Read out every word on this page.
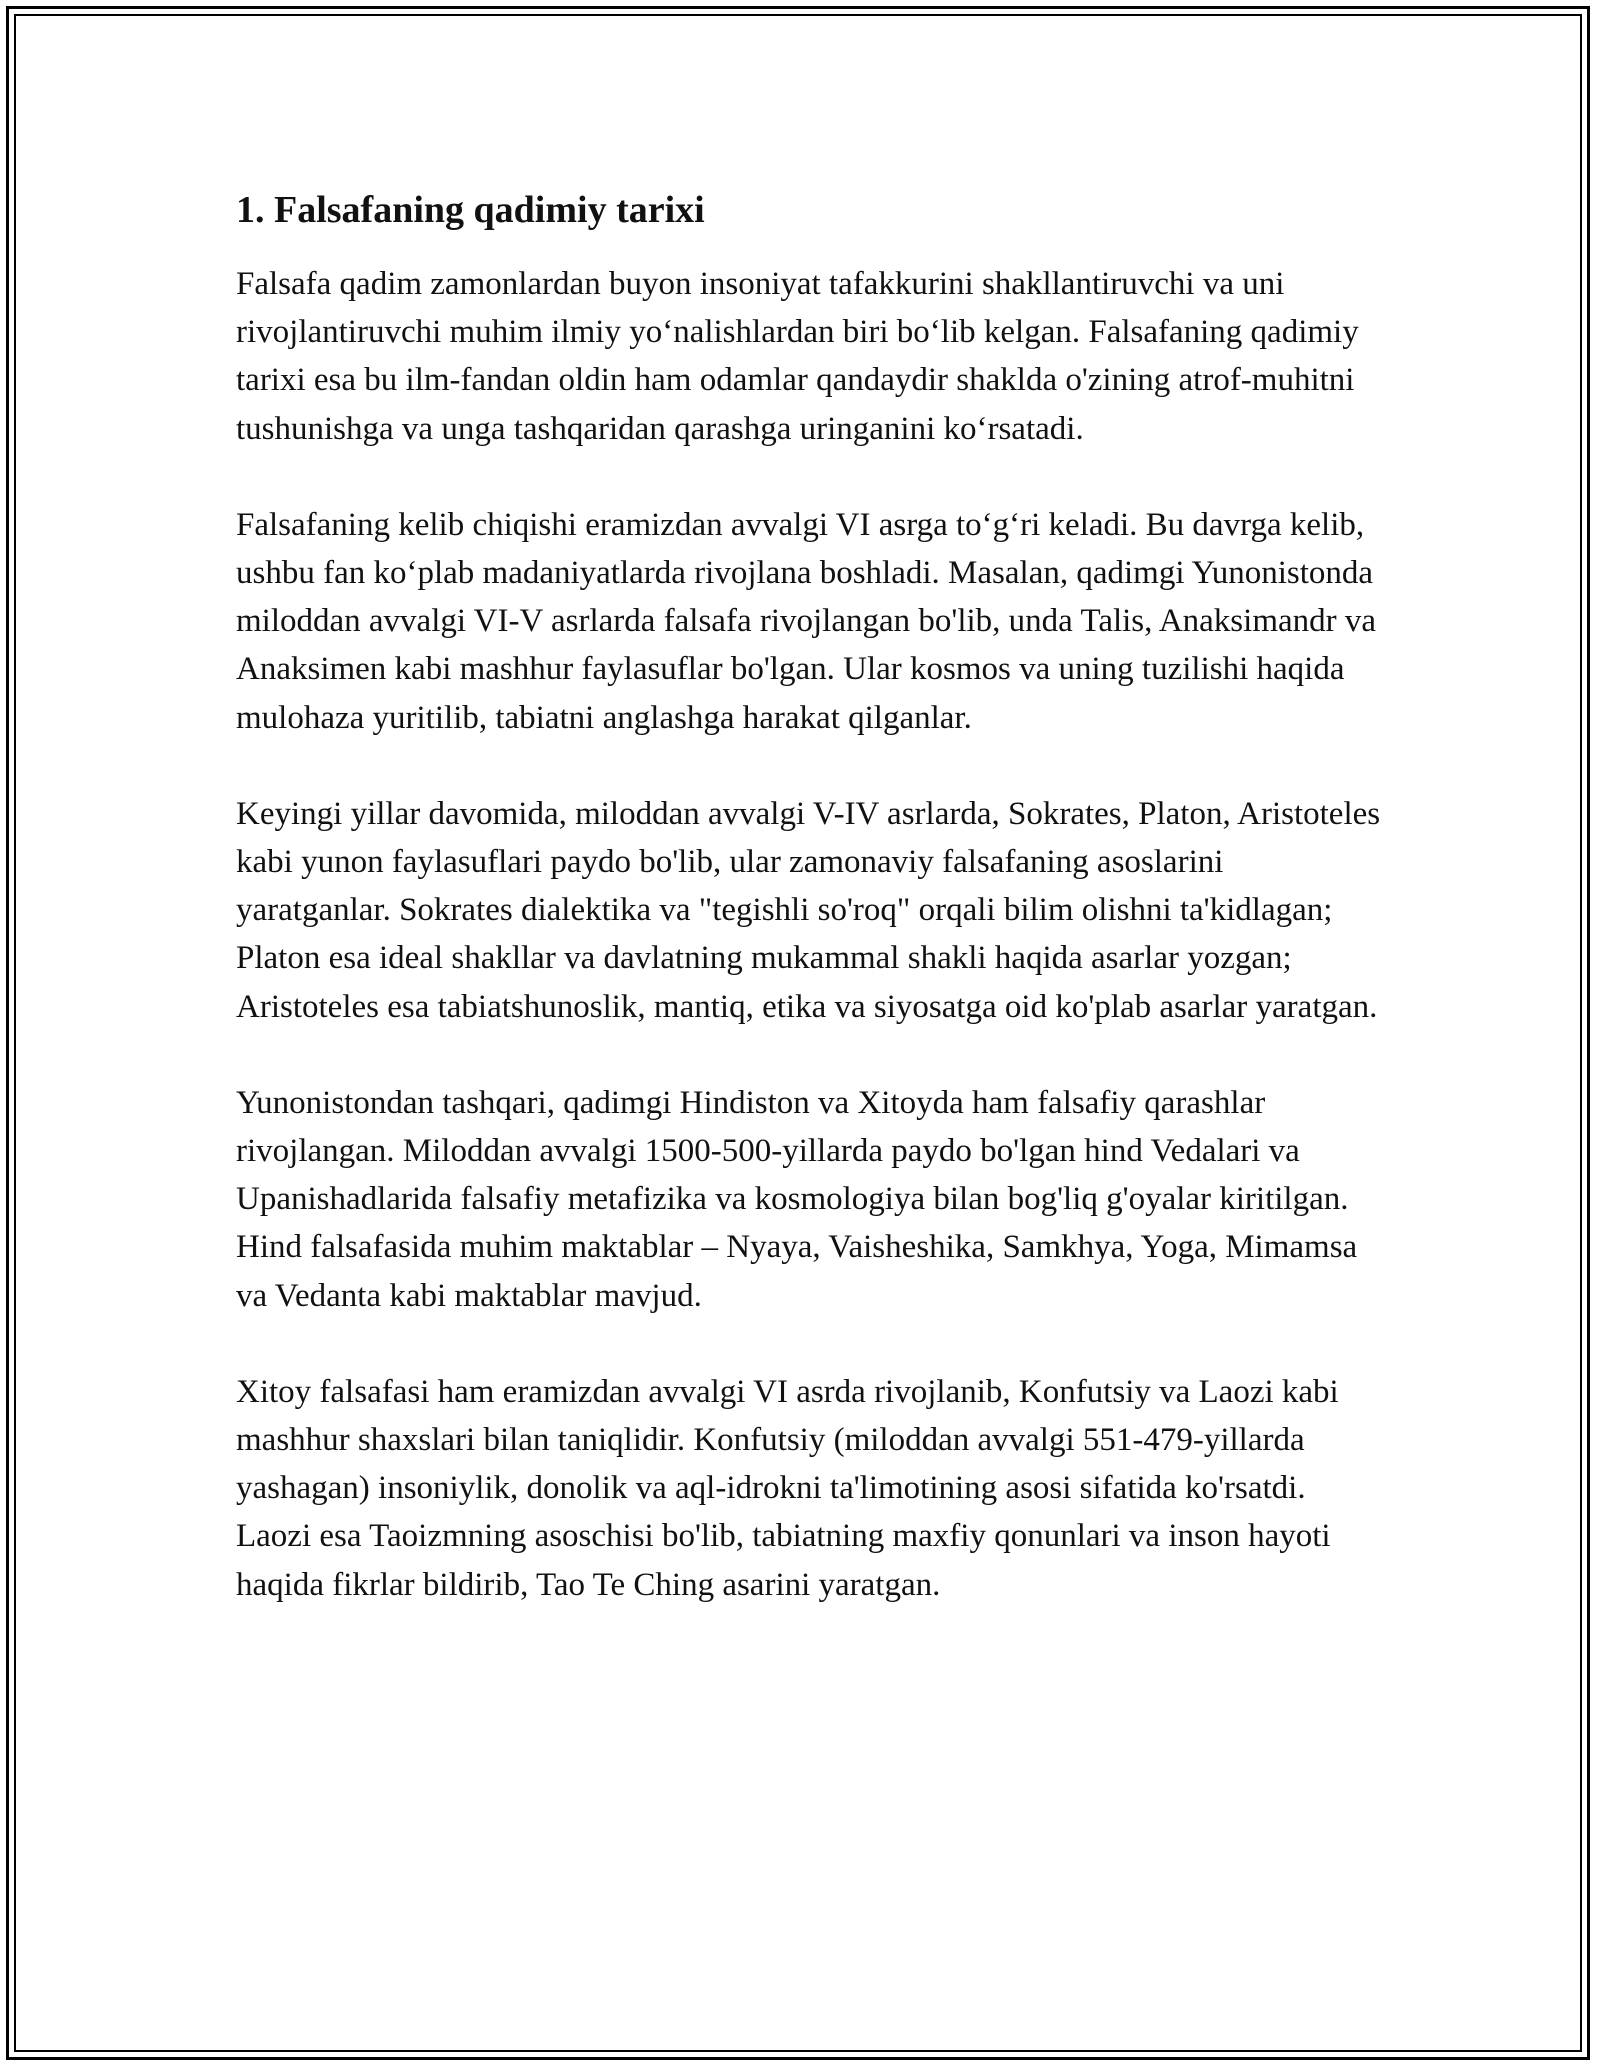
1. Falsafaning qadimiy tarixi

Falsafa qadim zamonlardan buyon insoniyat tafakkurini shakllantiruvchi va uni rivojlantiruvchi muhim ilmiy yo‘nalishlardan biri bo‘lib kelgan. Falsafaning qadimiy tarixi esa bu ilm-fandan oldin ham odamlar qandaydir shaklda o'zining atrof-muhitni tushunishga va unga tashqaridan qarashga uringanini ko‘rsatadi.

Falsafaning kelib chiqishi eramizdan avvalgi VI asrga to‘g‘ri keladi. Bu davrga kelib, ushbu fan ko‘plab madaniyatlarda rivojlana boshladi. Masalan, qadimgi Yunonistonda miloddan avvalgi VI-V asrlarda falsafa rivojlangan bo'lib, unda Talis, Anaksimandr va Anaksimen kabi mashhur faylasuflar bo'lgan. Ular kosmos va uning tuzilishi haqida mulohaza yuritilib, tabiatni anglashga harakat qilganlar.

Keyingi yillar davomida, miloddan avvalgi V-IV asrlarda, Sokrates, Platon, Aristoteles kabi yunon faylasuflari paydo bo'lib, ular zamonaviy falsafaning asoslarini yaratganlar. Sokrates dialektika va "tegishli so'roq" orqali bilim olishni ta'kidlagan; Platon esa ideal shakllar va davlatning mukammal shakli haqida asarlar yozgan; Aristoteles esa tabiatshunoslik, mantiq, etika va siyosatga oid ko'plab asarlar yaratgan.

Yunonistondan tashqari, qadimgi Hindiston va Xitoyda ham falsafiy qarashlar rivojlangan. Miloddan avvalgi 1500-500-yillarda paydo bo'lgan hind Vedalari va Upanishadlarida falsafiy metafizika va kosmologiya bilan bog'liq g'oyalar kiritilgan. Hind falsafasida muhim maktablar – Nyaya, Vaisheshika, Samkhya, Yoga, Mimamsa va Vedanta kabi maktablar mavjud.

Xitoy falsafasi ham eramizdan avvalgi VI asrda rivojlanib, Konfutsiy va Laozi kabi mashhur shaxslari bilan taniqlidir. Konfutsiy (miloddan avvalgi 551-479-yillarda yashagan) insoniylik, donolik va aql-idrokni ta'limotining asosi sifatida ko'rsatdi. Laozi esa Taoizmning asoschisi bo'lib, tabiatning maxfiy qonunlari va inson hayoti haqida fikrlar bildirib, Tao Te Ching asarini yaratgan.
